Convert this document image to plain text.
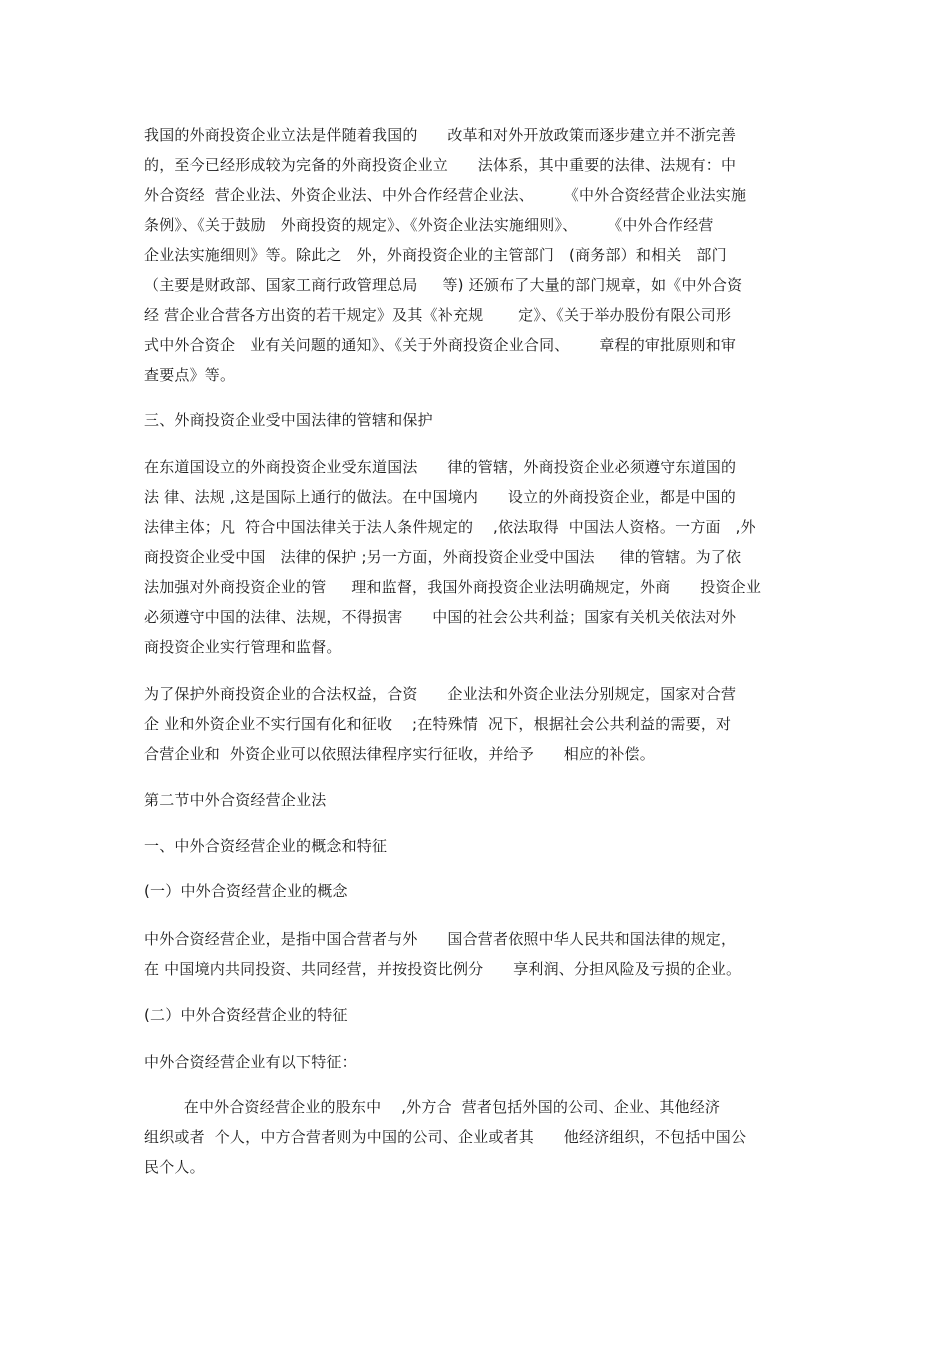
我国的外商投资企业立法是伴随着我国的      改革和对外开放政策而逐步建立并不浙完善
的，至今已经形成较为完备的外商投资企业立      法体系，其中重要的法律、法规有：中
外合资经  营企业法、外资企业法、中外合作经营企业法、      《中外合资经营企业法实施
条例》、《关于鼓励   外商投资的规定》、《外资企业法实施细则》、      《中外合作经营
企业法实施细则》等。除此之   外，外商投资企业的主管部门   (商务部）和相关   部门
（主要是财政部、国家工商行政管理总局     等) 还颁布了大量的部门规章，如《中外合资
经 营企业合营各方出资的若干规定》及其《补充规       定》、《关于举办股份有限公司形
式中外合资企   业有关问题的通知》、《关于外商投资企业合同、      章程的审批原则和审
查要点》等。
三、外商投资企业受中国法律的管辖和保护
在东道国设立的外商投资企业受东道国法      律的管辖，外商投资企业必须遵守东道国的
法 律、法规 ,这是国际上通行的做法。在中国境内      设立的外商投资企业，都是中国的
法律主体；凡  符合中国法律关于法人条件规定的    ,依法取得  中国法人资格。一方面   ,外
商投资企业受中国   法律的保护 ;另一方面，外商投资企业受中国法     律的管辖。为了依
法加强对外商投资企业的管     理和监督，我国外商投资企业法明确规定，外商      投资企业
必须遵守中国的法律、法规，不得损害      中国的社会公共利益；国家有关机关依法对外
商投资企业实行管理和监督。
为了保护外商投资企业的合法权益，合资      企业法和外资企业法分别规定，国家对合营
企 业和外资企业不实行国有化和征收    ;在特殊情  况下，根据社会公共利益的需要，对
合营企业和  外资企业可以依照法律程序实行征收，并给予      相应的补偿。
第二节中外合资经营企业法
一、中外合资经营企业的概念和特征
(一）中外合资经营企业的概念
中外合资经营企业，是指中国合营者与外      国合营者依照中华人民共和国法律的规定，
在 中国境内共同投资、共同经营，并按投资比例分      享利润、分担风险及亏损的企业。
(二）中外合资经营企业的特征
中外合资经营企业有以下特征：
在中外合资经营企业的股东中    ,外方合  营者包括外国的公司、企业、其他经济
组织或者  个人，中方合营者则为中国的公司、企业或者其      他经济组织，不包括中国公
民个人。
